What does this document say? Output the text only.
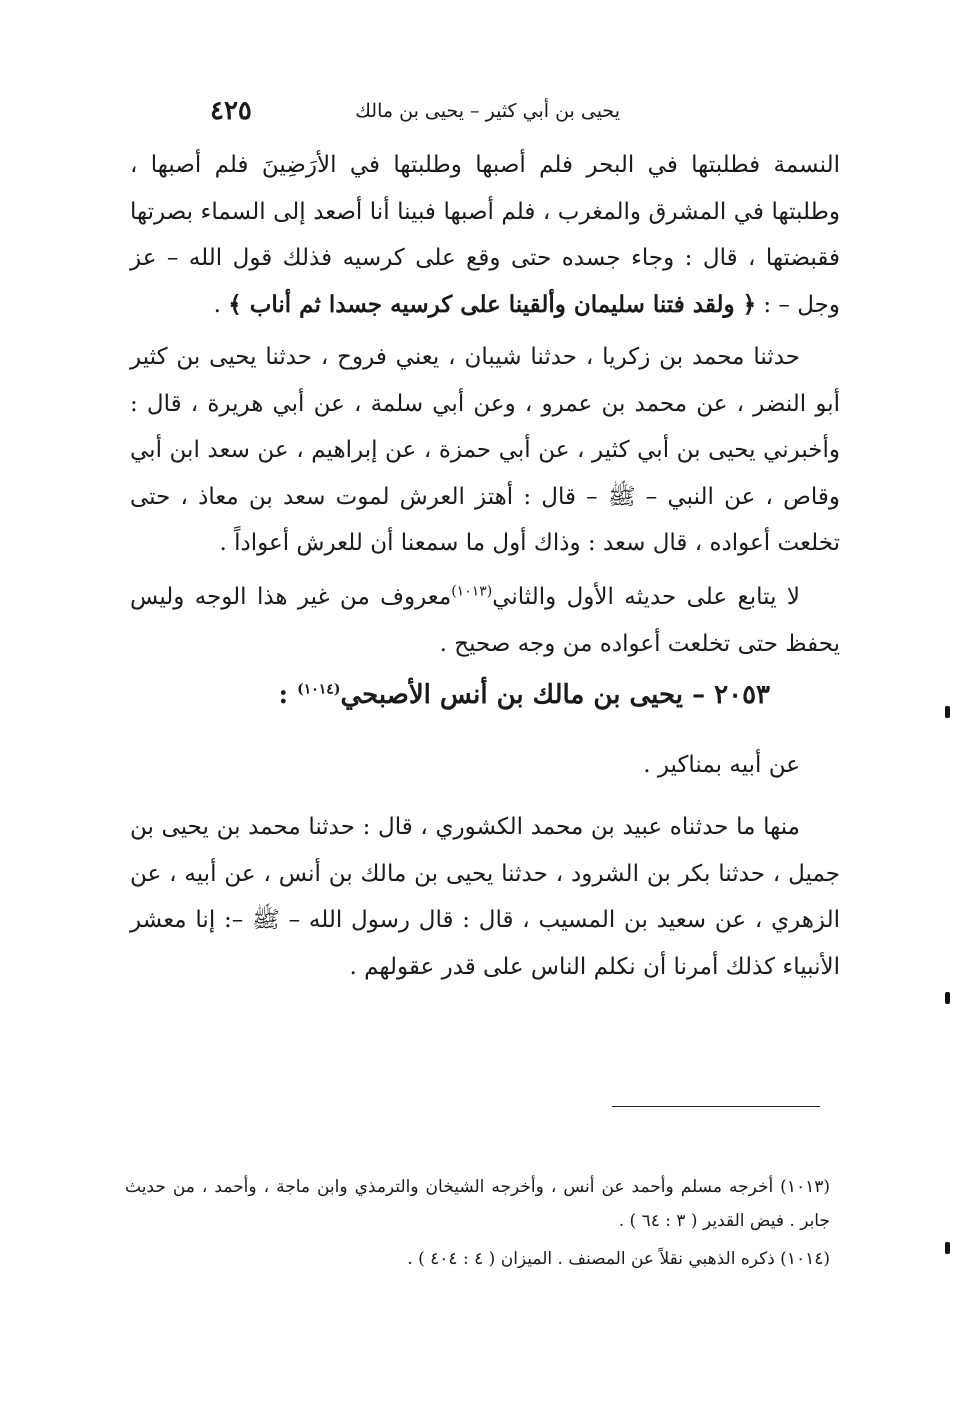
٤٢٥	يحيى بن أبي كثير – يحيى بن مالك
النسمة فطلبتها في البحر فلم أصبها وطلبتها في الأرَضِينَ فلم أصبها ، وطلبتها في المشرق والمغرب ، فلم أصبها فبينا أنا أصعد إلى السماء بصرتها فقبضتها ، قال : وجاء جسده حتى وقع على كرسيه فذلك قول الله – عز وجل – : ﴿ ولقد فتنا سليمان وألقينا على كرسيه جسدا ثم أناب ﴾ .
حدثنا محمد بن زكريا ، حدثنا شيبان ، يعني فروح ، حدثنا يحيى بن كثير أبو النضر ، عن محمد بن عمرو ، وعن أبي سلمة ، عن أبي هريرة ، قال : وأخبرني يحيى بن أبي كثير ، عن أبي حمزة ، عن إبراهيم ، عن سعد ابن أبي وقاص ، عن النبي – ﷺ – قال : أهتز العرش لموت سعد بن معاذ ، حتى تخلعت أعواده ، قال سعد : وذاك أول ما سمعنا أن للعرش أعواداً .
لا يتابع على حديثه الأول والثاني$^{(١٠١٣)}$معروف من غير هذا الوجه وليس يحفظ حتى تخلعت أعواده من وجه صحيح .
٢٠٥٣ – يحيى بن مالك بن أنس الأصبحي$^{(١٠١٤)}$ :
عن أبيه بمناكير .
منها ما حدثناه عبيد بن محمد الكشوري ، قال : حدثنا محمد بن يحيى بن جميل ، حدثنا بكر بن الشرود ، حدثنا يحيى بن مالك بن أنس ، عن أبيه ، عن الزهري ، عن سعيد بن المسيب ، قال : قال رسول الله – ﷺ –: إنا معشر الأنبياء كذلك أمرنا أن نكلم الناس على قدر عقولهم .

(١٠١٣) أخرجه مسلم وأحمد عن أنس ، وأخرجه الشيخان والترمذي وابن ماجة ، وأحمد ، من حديث جابر . فيض القدير ( ٣ : ٦٤ ) .

(١٠١٤) ذكره الذهبي نقلاً عن المصنف . الميزان ( ٤ : ٤٠٤ ) .
